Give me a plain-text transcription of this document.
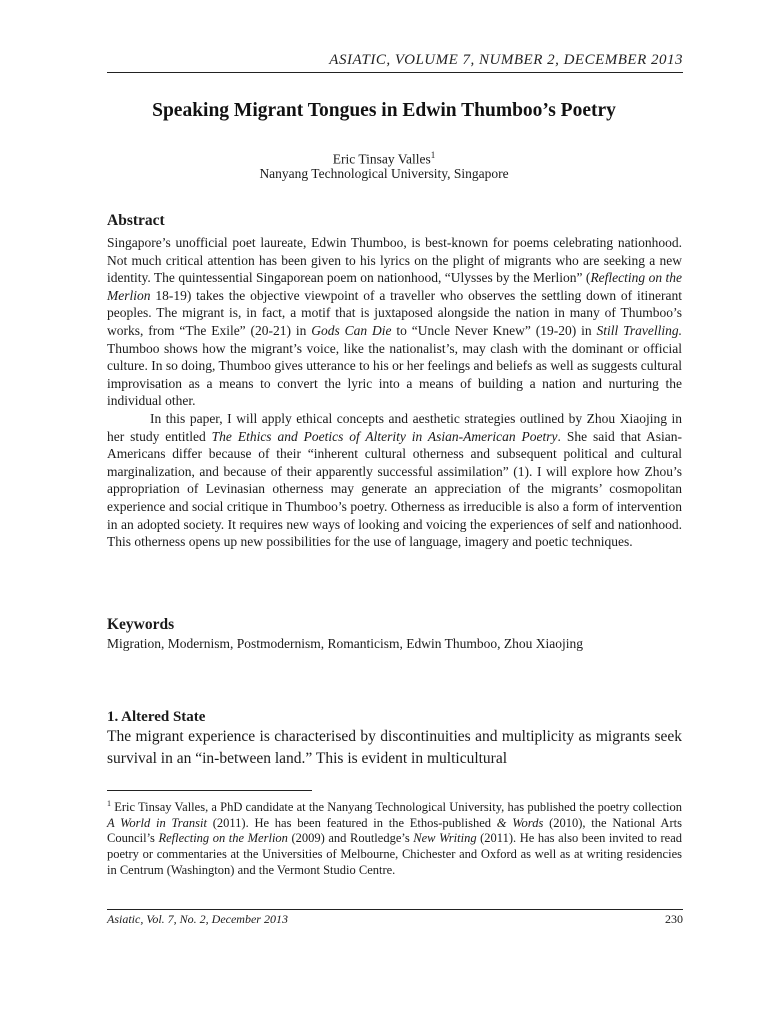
ASIATIC, VOLUME 7, NUMBER 2, DECEMBER 2013
Speaking Migrant Tongues in Edwin Thumboo’s Poetry
Eric Tinsay Valles$^1$
Nanyang Technological University, Singapore
Abstract

Singapore’s unofficial poet laureate, Edwin Thumboo, is best-known for poems celebrating nationhood. Not much critical attention has been given to his lyrics on the plight of migrants who are seeking a new identity. The quintessential Singaporean poem on nationhood, “Ulysses by the Merlion” (Reflecting on the Merlion 18-19) takes the objective viewpoint of a traveller who observes the settling down of itinerant peoples. The migrant is, in fact, a motif that is juxtaposed alongside the nation in many of Thumboo’s works, from “The Exile” (20-21) in Gods Can Die to “Uncle Never Knew” (19-20) in Still Travelling. Thumboo shows how the migrant’s voice, like the nationalist’s, may clash with the dominant or official culture. In so doing, Thumboo gives utterance to his or her feelings and beliefs as well as suggests cultural improvisation as a means to convert the lyric into a means of building a nation and nurturing the individual other.

In this paper, I will apply ethical concepts and aesthetic strategies outlined by Zhou Xiaojing in her study entitled The Ethics and Poetics of Alterity in Asian-American Poetry. She said that Asian-Americans differ because of their “inherent cultural otherness and subsequent political and cultural marginalization, and because of their apparently successful assimilation” (1). I will explore how Zhou’s appropriation of Levinasian otherness may generate an appreciation of the migrants’ cosmopolitan experience and social critique in Thumboo’s poetry. Otherness as irreducible is also a form of intervention in an adopted society. It requires new ways of looking and voicing the experiences of self and nationhood. This otherness opens up new possibilities for the use of language, imagery and poetic techniques.

Keywords
Migration, Modernism, Postmodernism, Romanticism, Edwin Thumboo, Zhou Xiaojing
1. Altered State
The migrant experience is characterised by discontinuities and multiplicity as migrants seek survival in an “in-between land.” This is evident in multicultural
$^1$ Eric Tinsay Valles, a PhD candidate at the Nanyang Technological University, has published the poetry collection A World in Transit (2011). He has been featured in the Ethos-published & Words (2010), the National Arts Council’s Reflecting on the Merlion (2009) and Routledge’s New Writing (2011). He has also been invited to read poetry or commentaries at the Universities of Melbourne, Chichester and Oxford as well as at writing residencies in Centrum (Washington) and the Vermont Studio Centre.
Asiatic, Vol. 7, No. 2, December 2013	230
